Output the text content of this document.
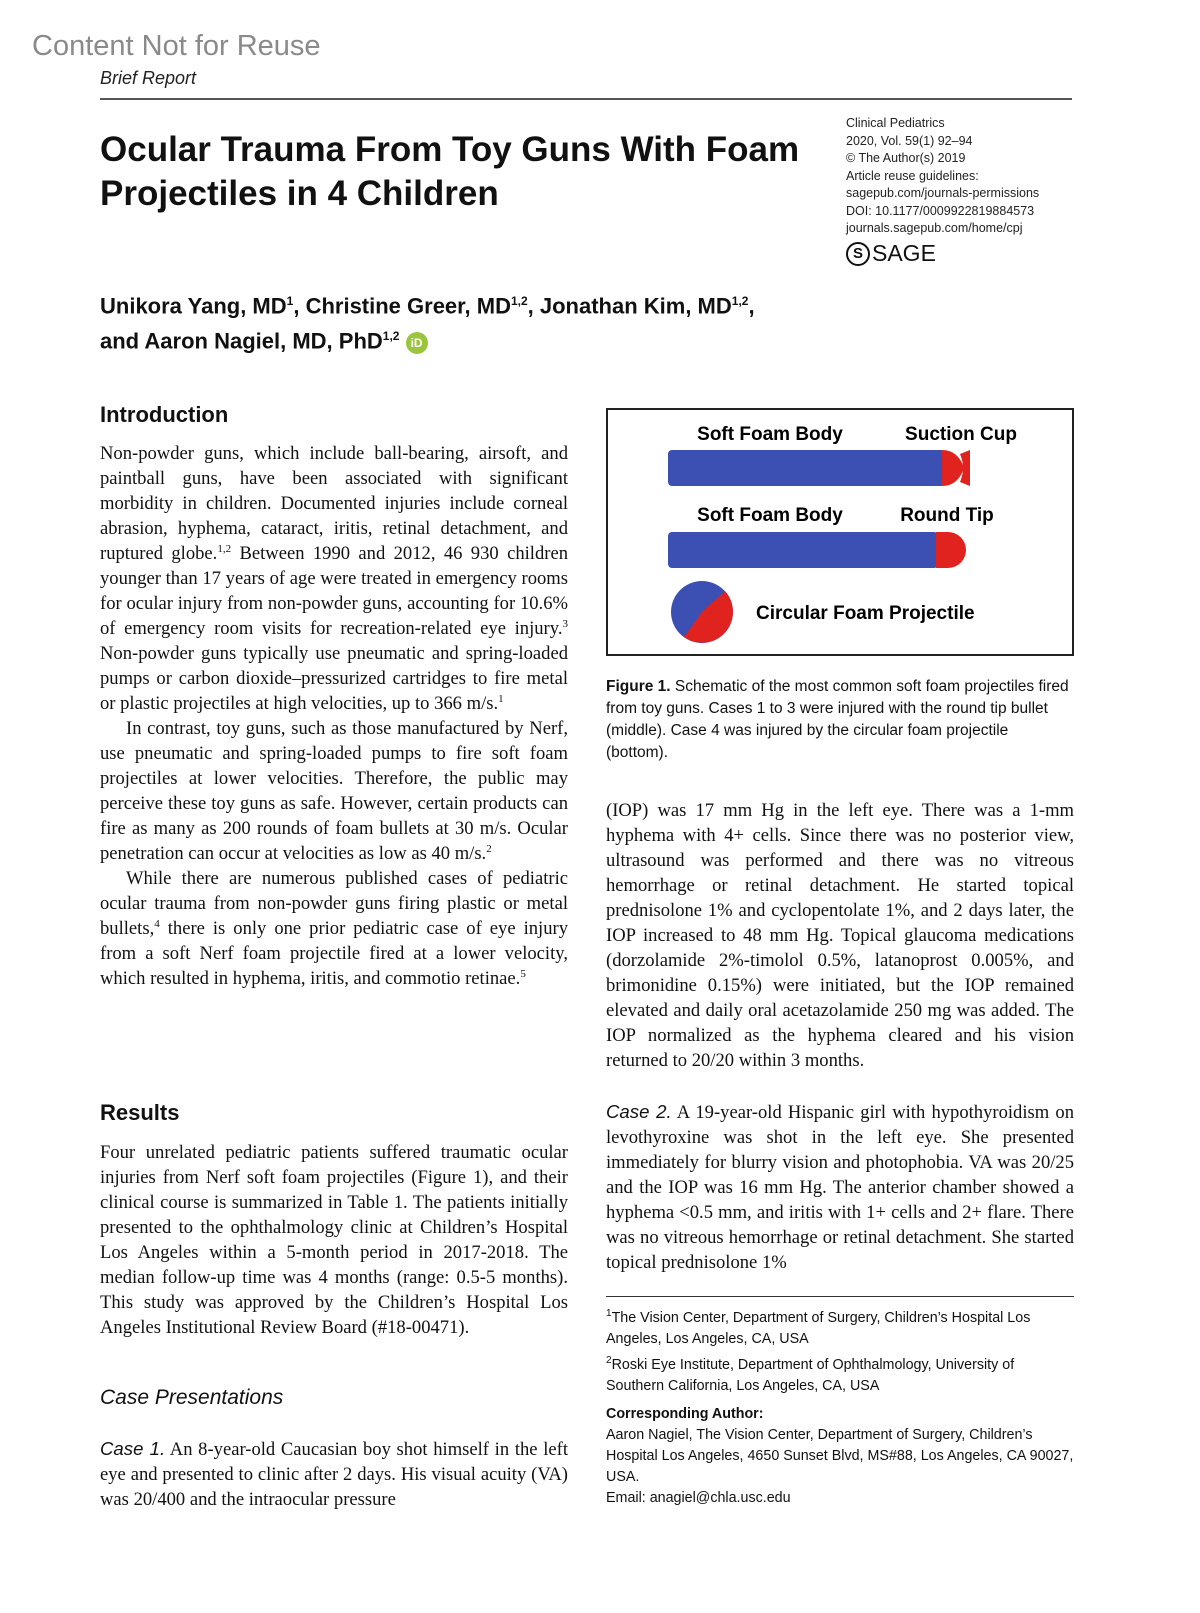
Content Not for Reuse
Brief Report
Ocular Trauma From Toy Guns With Foam Projectiles in 4 Children
Clinical Pediatrics
2020, Vol. 59(1) 92–94
© The Author(s) 2019
Article reuse guidelines:
sagepub.com/journals-permissions
DOI: 10.1177/0009922819884573
journals.sagepub.com/home/cpj
S SAGE
Unikora Yang, $MD^1$, Christine Greer, MD$^{1,2}$, Jonathan Kim, MD$^{1,2}$,
and Aaron Nagiel, MD, PhD$^{1,2}$ iD
Introduction

Non-powder guns, which include ball-bearing, airsoft, and paintball guns, have been associated with significant morbidity in children. Documented injuries include corneal abrasion, hyphema, cataract, iritis, retinal detachment, and ruptured globe.$^{1,2}$ Between 1990 and 2012, 46 930 children younger than 17 years of age were treated in emergency rooms for ocular injury from non-powder guns, accounting for 10.6% of emergency room visits for recreation-related eye injury.$^3$ Non-powder guns typically use pneumatic and spring-loaded pumps or carbon dioxide–pressurized cartridges to fire metal or plastic projectiles at high velocities, up to 366 m/s.$^1$

In contrast, toy guns, such as those manufactured by Nerf, use pneumatic and spring-loaded pumps to fire soft foam projectiles at lower velocities. Therefore, the public may perceive these toy guns as safe. However, certain products can fire as many as 200 rounds of foam bullets at 30 m/s. Ocular penetration can occur at velocities as low as 40 m/s.$^2$

While there are numerous published cases of pediatric ocular trauma from non-powder guns firing plastic or metal bullets,$^4$ there is only one prior pediatric case of eye injury from a soft Nerf foam projectile fired at a lower velocity, which resulted in hyphema, iritis, and commotio retinae.$^5$

Results

Four unrelated pediatric patients suffered traumatic ocular injuries from Nerf soft foam projectiles (Figure 1), and their clinical course is summarized in Table 1. The patients initially presented to the ophthalmology clinic at Children’s Hospital Los Angeles within a 5-month period in 2017-2018. The median follow-up time was 4 months (range: 0.5-5 months). This study was approved by the Children’s Hospital Los Angeles Institutional Review Board (#18-00471).

Case Presentations

Case 1. An 8-year-old Caucasian boy shot himself in the left eye and presented to clinic after 2 days. His visual acuity (VA) was 20/400 and the intraocular pressure

Soft Foam Body	Suction Cup
Soft Foam Body	Round Tip
Circular Foam Projectile
Figure 1. Schematic of the most common soft foam projectiles fired from toy guns. Cases 1 to 3 were injured with the round tip bullet (middle). Case 4 was injured by the circular foam projectile (bottom).

(IOP) was 17 mm Hg in the left eye. There was a 1-mm hyphema with 4+ cells. Since there was no posterior view, ultrasound was performed and there was no vitreous hemorrhage or retinal detachment. He started topical prednisolone 1% and cyclopentolate 1%, and 2 days later, the IOP increased to 48 mm Hg. Topical glaucoma medications (dorzolamide 2%-timolol 0.5%, latanoprost 0.005%, and brimonidine 0.15%) were initiated, but the IOP remained elevated and daily oral acetazolamide 250 mg was added. The IOP normalized as the hyphema cleared and his vision returned to 20/20 within 3 months.

Case 2. A 19-year-old Hispanic girl with hypothyroidism on levothyroxine was shot in the left eye. She presented immediately for blurry vision and photophobia. VA was 20/25 and the IOP was 16 mm Hg. The anterior chamber showed a hyphema <0.5 mm, and iritis with 1+ cells and 2+ flare. There was no vitreous hemorrhage or retinal detachment. She started topical prednisolone 1%

$^1$The Vision Center, Department of Surgery, Children’s Hospital Los Angeles, Los Angeles, CA, USA

$^2$Roski Eye Institute, Department of Ophthalmology, University of Southern California, Los Angeles, CA, USA

Corresponding Author:

Aaron Nagiel, The Vision Center, Department of Surgery, Children’s Hospital Los Angeles, 4650 Sunset Blvd, MS#88, Los Angeles, CA 90027, USA.

Email: anagiel@chla.usc.edu
